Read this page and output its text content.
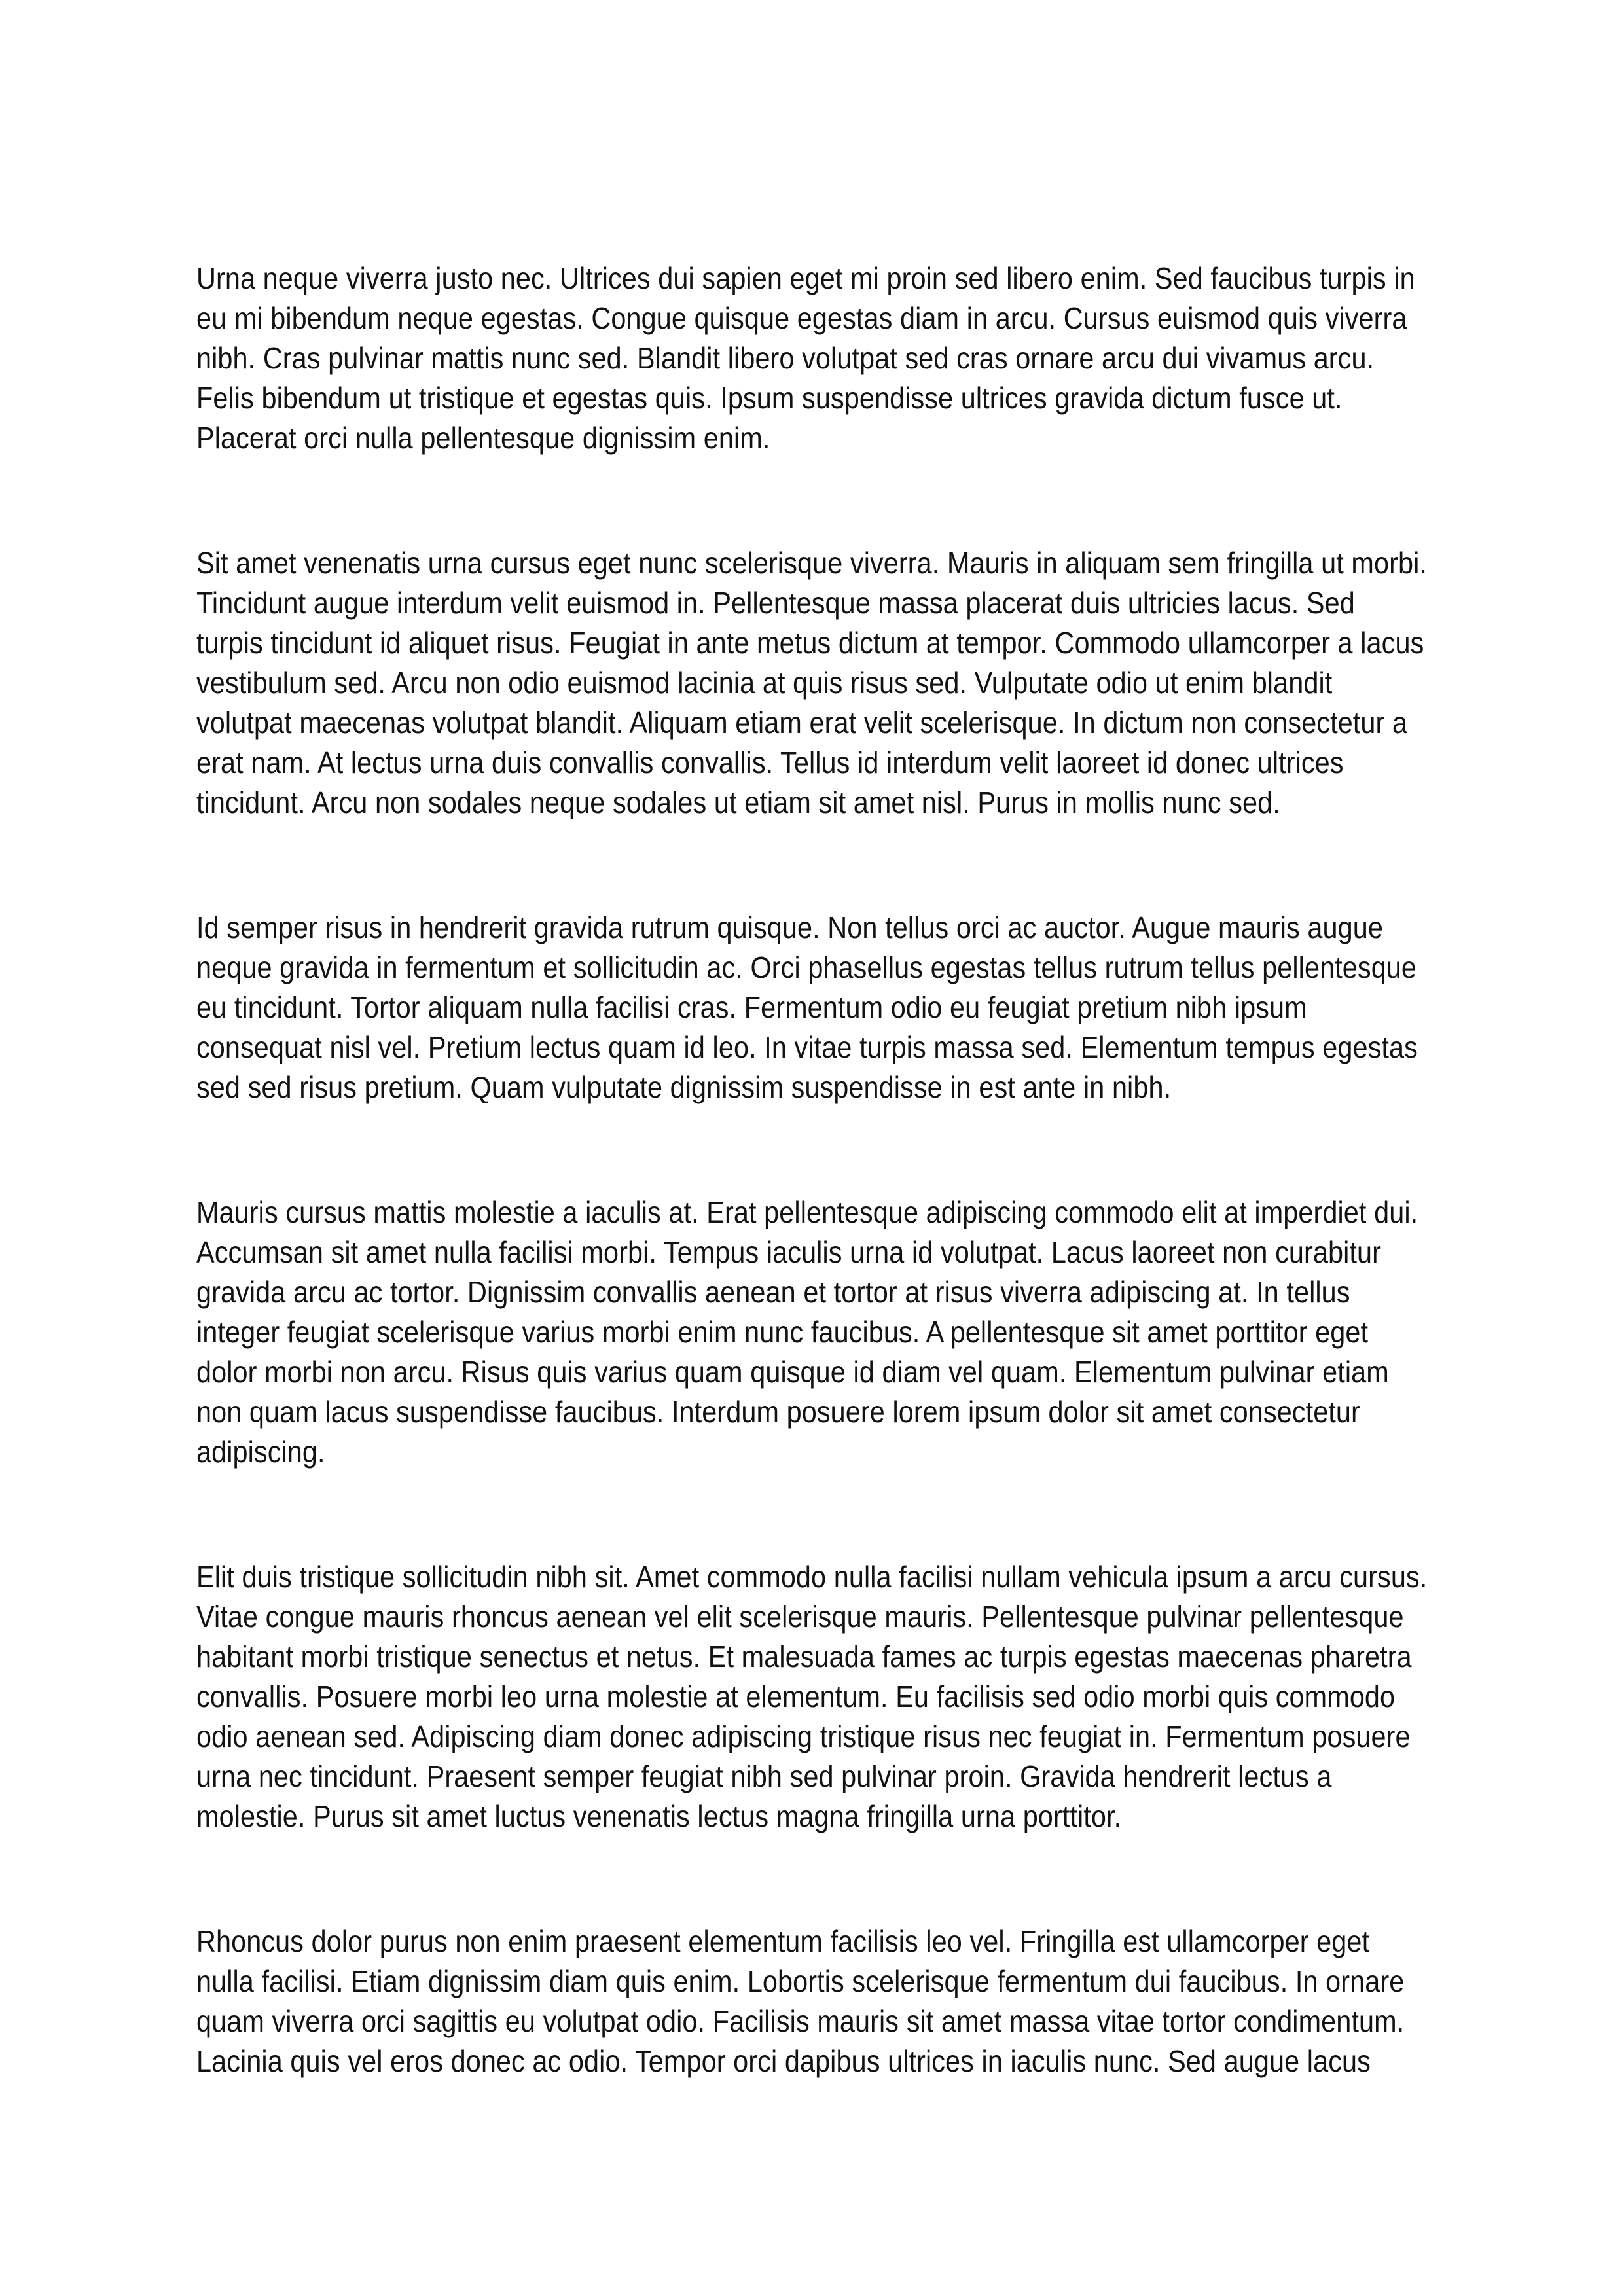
Urna neque viverra justo nec. Ultrices dui sapien eget mi proin sed libero enim. Sed faucibus turpis in eu mi bibendum neque egestas. Congue quisque egestas diam in arcu. Cursus euismod quis viverra nibh. Cras pulvinar mattis nunc sed. Blandit libero volutpat sed cras ornare arcu dui vivamus arcu. Felis bibendum ut tristique et egestas quis. Ipsum suspendisse ultrices gravida dictum fusce ut. Placerat orci nulla pellentesque dignissim enim.

Sit amet venenatis urna cursus eget nunc scelerisque viverra. Mauris in aliquam sem fringilla ut morbi. Tincidunt augue interdum velit euismod in. Pellentesque massa placerat duis ultricies lacus. Sed turpis tincidunt id aliquet risus. Feugiat in ante metus dictum at tempor. Commodo ullamcorper a lacus vestibulum sed. Arcu non odio euismod lacinia at quis risus sed. Vulputate odio ut enim blandit volutpat maecenas volutpat blandit. Aliquam etiam erat velit scelerisque. In dictum non consectetur a erat nam. At lectus urna duis convallis convallis. Tellus id interdum velit laoreet id donec ultrices tincidunt. Arcu non sodales neque sodales ut etiam sit amet nisl. Purus in mollis nunc sed.

Id semper risus in hendrerit gravida rutrum quisque. Non tellus orci ac auctor. Augue mauris augue neque gravida in fermentum et sollicitudin ac. Orci phasellus egestas tellus rutrum tellus pellentesque eu tincidunt. Tortor aliquam nulla facilisi cras. Fermentum odio eu feugiat pretium nibh ipsum consequat nisl vel. Pretium lectus quam id leo. In vitae turpis massa sed. Elementum tempus egestas sed sed risus pretium. Quam vulputate dignissim suspendisse in est ante in nibh.

Mauris cursus mattis molestie a iaculis at. Erat pellentesque adipiscing commodo elit at imperdiet dui. Accumsan sit amet nulla facilisi morbi. Tempus iaculis urna id volutpat. Lacus laoreet non curabitur gravida arcu ac tortor. Dignissim convallis aenean et tortor at risus viverra adipiscing at. In tellus integer feugiat scelerisque varius morbi enim nunc faucibus. A pellentesque sit amet porttitor eget dolor morbi non arcu. Risus quis varius quam quisque id diam vel quam. Elementum pulvinar etiam non quam lacus suspendisse faucibus. Interdum posuere lorem ipsum dolor sit amet consectetur adipiscing.

Elit duis tristique sollicitudin nibh sit. Amet commodo nulla facilisi nullam vehicula ipsum a arcu cursus. Vitae congue mauris rhoncus aenean vel elit scelerisque mauris. Pellentesque pulvinar pellentesque habitant morbi tristique senectus et netus. Et malesuada fames ac turpis egestas maecenas pharetra convallis. Posuere morbi leo urna molestie at elementum. Eu facilisis sed odio morbi quis commodo odio aenean sed. Adipiscing diam donec adipiscing tristique risus nec feugiat in. Fermentum posuere urna nec tincidunt. Praesent semper feugiat nibh sed pulvinar proin. Gravida hendrerit lectus a molestie. Purus sit amet luctus venenatis lectus magna fringilla urna porttitor.

Rhoncus dolor purus non enim praesent elementum facilisis leo vel. Fringilla est ullamcorper eget nulla facilisi. Etiam dignissim diam quis enim. Lobortis scelerisque fermentum dui faucibus. In ornare quam viverra orci sagittis eu volutpat odio. Facilisis mauris sit amet massa vitae tortor condimentum. Lacinia quis vel eros donec ac odio. Tempor orci dapibus ultrices in iaculis nunc. Sed augue lacus
